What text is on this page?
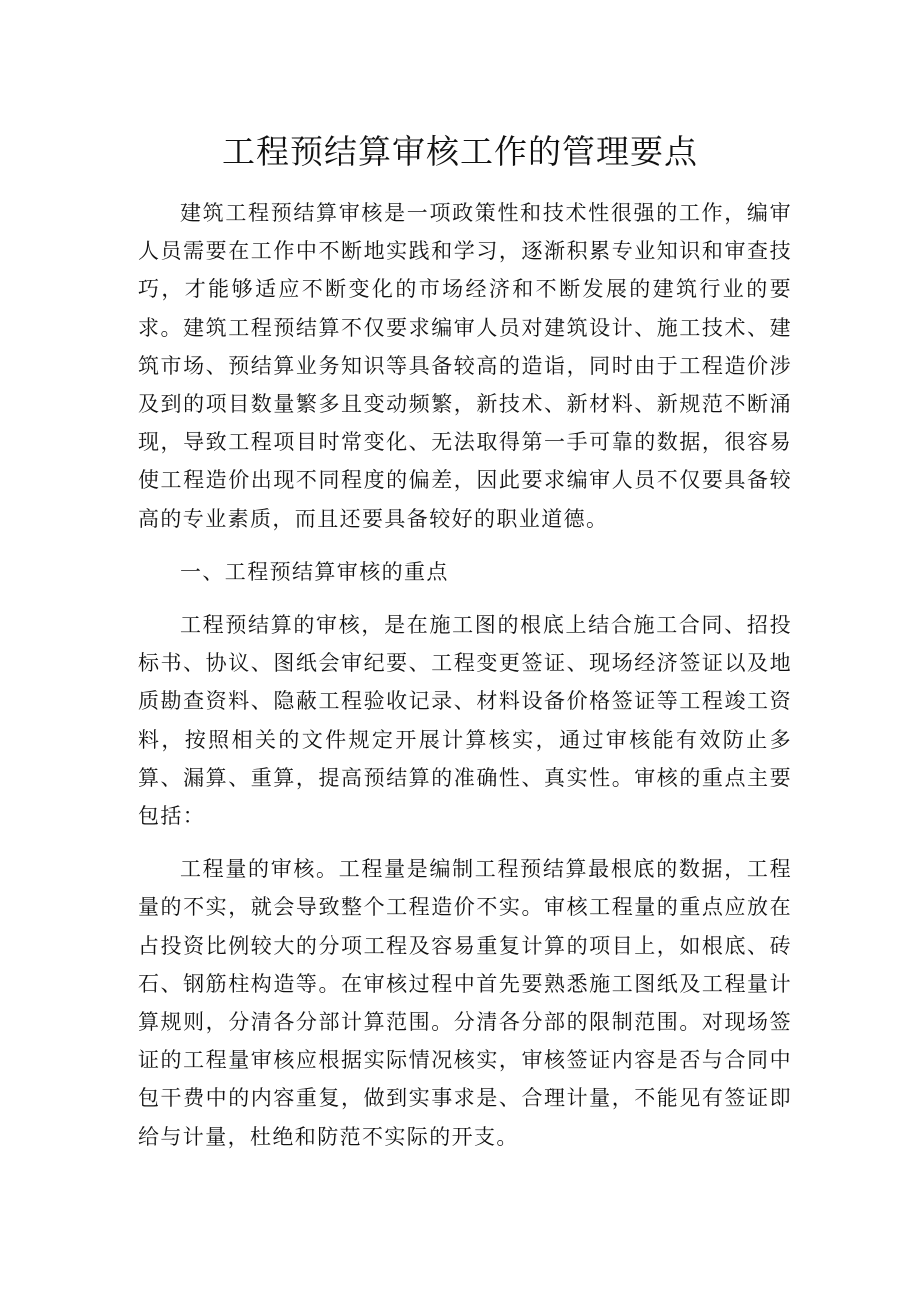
工程预结算审核工作的管理要点

建筑工程预结算审核是一项政策性和技术性很强的工作，编审人员需要在工作中不断地实践和学习，逐渐积累专业知识和审查技巧，才能够适应不断变化的市场经济和不断发展的建筑行业的要求。建筑工程预结算不仅要求编审人员对建筑设计、施工技术、建筑市场、预结算业务知识等具备较高的造诣，同时由于工程造价涉及到的项目数量繁多且变动频繁，新技术、新材料、新规范不断涌现，导致工程项目时常变化、无法取得第一手可靠的数据，很容易使工程造价出现不同程度的偏差，因此要求编审人员不仅要具备较高的专业素质，而且还要具备较好的职业道德。

一、工程预结算审核的重点

工程预结算的审核，是在施工图的根底上结合施工合同、招投标书、协议、图纸会审纪要、工程变更签证、现场经济签证以及地质勘查资料、隐蔽工程验收记录、材料设备价格签证等工程竣工资料，按照相关的文件规定开展计算核实，通过审核能有效防止多算、漏算、重算，提高预结算的准确性、真实性。审核的重点主要包括：

工程量的审核。工程量是编制工程预结算最根底的数据，工程量的不实，就会导致整个工程造价不实。审核工程量的重点应放在占投资比例较大的分项工程及容易重复计算的项目上，如根底、砖石、钢筋柱构造等。在审核过程中首先要熟悉施工图纸及工程量计算规则，分清各分部计算范围。分清各分部的限制范围。对现场签证的工程量审核应根据实际情况核实，审核签证内容是否与合同中包干费中的内容重复，做到实事求是、合理计量，不能见有签证即给与计量，杜绝和防范不实际的开支。
